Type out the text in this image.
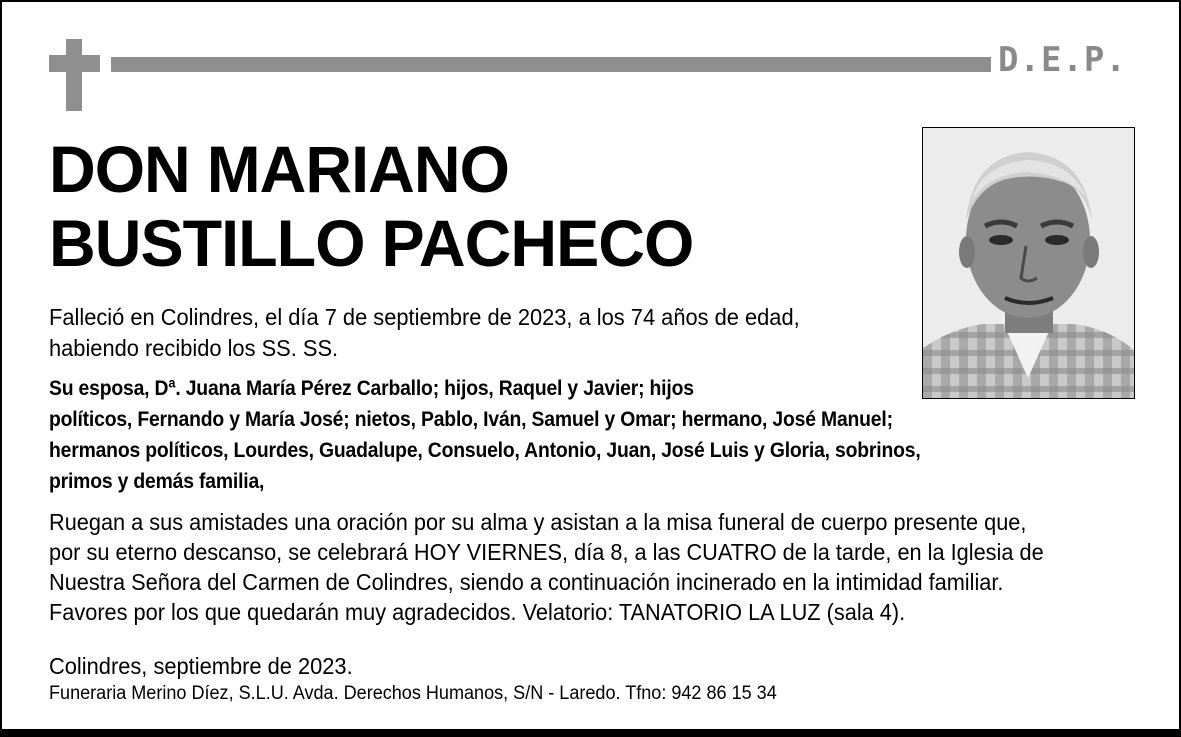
D.E.P.
DON MARIANO
BUSTILLO PACHECO
Falleció en Colindres, el día 7 de septiembre de 2023, a los 74 años de edad,
habiendo recibido los SS. SS.
Su esposa, Dª. Juana María Pérez Carballo; hijos, Raquel y Javier; hijos
políticos, Fernando y María José; nietos, Pablo, Iván, Samuel y Omar; hermano, José Manuel;
hermanos políticos, Lourdes, Guadalupe, Consuelo, Antonio, Juan, José Luis y Gloria, sobrinos,
primos y demás familia,
Ruegan a sus amistades una oración por su alma y asistan a la misa funeral de cuerpo presente que,
por su eterno descanso, se celebrará HOY VIERNES, día 8, a las CUATRO de la tarde, en la Iglesia de
Nuestra Señora del Carmen de Colindres, siendo a continuación incinerado en la intimidad familiar.
Favores por los que quedarán muy agradecidos. Velatorio: TANATORIO LA LUZ (sala 4).
Colindres, septiembre de 2023.
Funeraria Merino Díez, S.L.U. Avda. Derechos Humanos, S/N - Laredo. Tfno: 942 86 15 34
